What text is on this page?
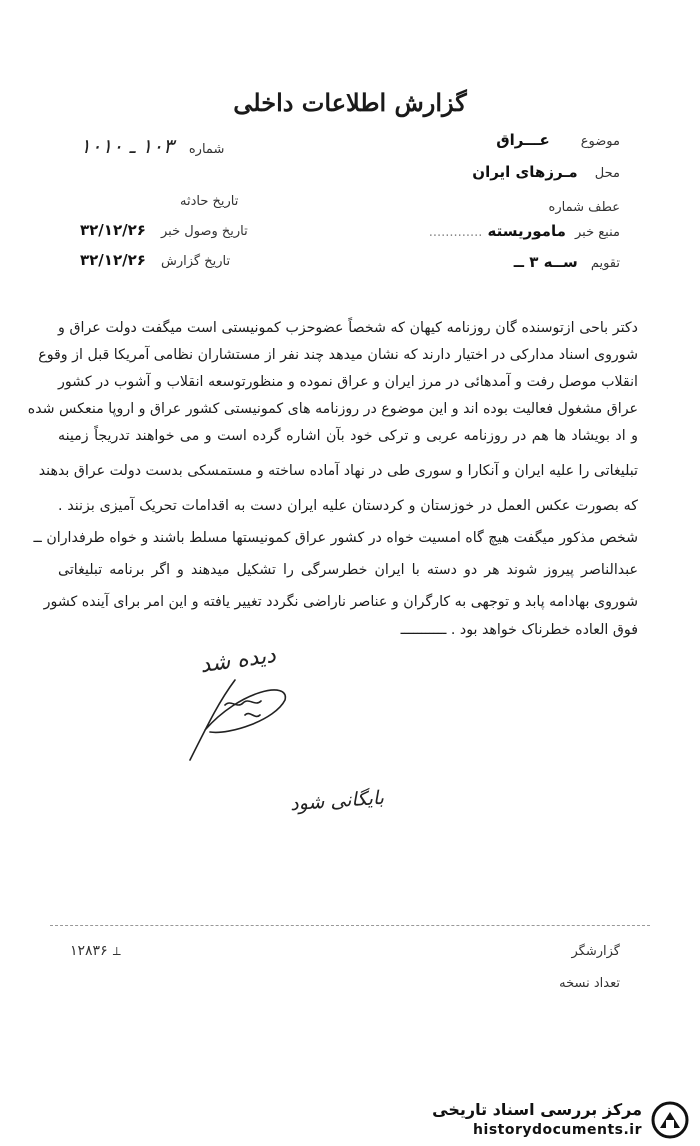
گزارش اطلاعات داخلی
موضوع عـــراق
محل مـرزهای ایران
عطف شماره
منبع خبر ماموریسته .............
تقویم ســه ۳ ــ
شماره ۱۰۳ ـ ۱۰۱۰
تاریخ حادثه
تاریخ وصول خبر ۳۲/۱۲/۲۶
تاریخ گزارش ۳۲/۱۲/۲۶
دکتر باحی ازتوسنده گان روزنامه کیهان که شخصاً عضوحزب کمونیستی است میگفت دولت عراق و
شوروی اسناد مدارکی در اختیار دارند که نشان میدهد چند نفر از مستشاران نظامی آمریکا قبل از وقوع
انقلاب موصل رفت و آمدهائی در مرز ایران و عراق نموده و منظورتوسعه انقلاب و آشوب در کشور
عراق مشغول فعالیت بوده اند و این موضوع در روزنامه های کمونیستی کشور عراق و اروپا منعکس شده
و اد بویشاد ها هم در روزنامه عربی و ترکی خود بآن اشاره گرده است و می خواهند تدریجاً زمینه
تبلیغاتی را علیه ایران و آنکارا و سوری طی در نهاد آماده ساخته و مستمسکی بدست دولت عراق بدهند
که بصورت عکس العمل در خوزستان و کردستان علیه ایران دست به اقدامات تحریک آمیزی بزنند .
شخص مذکور میگفت هیچ گاه امسیت خواه در کشور عراق کمونیستها مسلط باشند و خواه طرفداران ــ
عبدالناصر پیروز شوند هر دو دسته با ایران خطرسرگی را تشکیل میدهند و اگر برنامه تبلیغاتی
شوروی بهادامه پابد و توجهی به کارگران و عناصر ناراضی نگردد تغییر یافته و این امر برای آینده کشور
فوق العاده خطرناک خواهد بود . ـــــــــــ
دیده شد
بایگانی شود
گزارشگر
تعداد نسخه
۱۲۸۳۶ ⟂
مرکز بررسی اسناد تاریخی
historydocuments.ir
